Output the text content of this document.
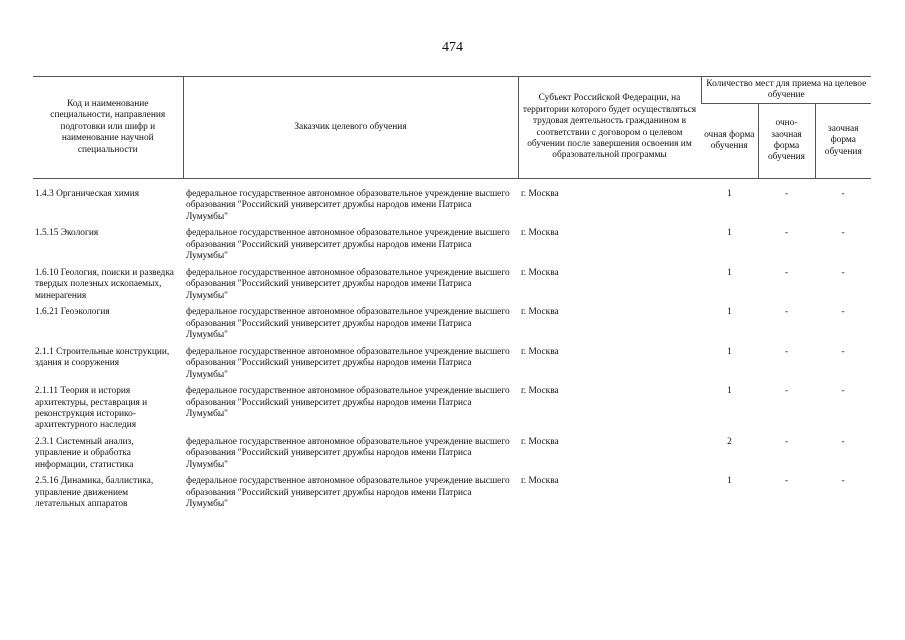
474
Код и наименование специальности, направления подготовки или шифр и наименование научной специальности	Заказчик целевого обучения	Субъект Российской Федерации, на территории которого будет осуществляться трудовая деятельность гражданином в соответствии с договором о целевом обучении после завершения освоения им образовательной программы	Количество мест для приема на целевое обучение		
			очная форма обучения	очно-заочная форма обучения	заочная форма обучения

1.4.3 Органическая химия	федеральное государственное автономное образовательное учреждение высшего образования "Российский университет дружбы народов имени Патриса Лумумбы"	г. Москва	1	-	-
1.5.15 Экология	федеральное государственное автономное образовательное учреждение высшего образования "Российский университет дружбы народов имени Патриса Лумумбы"	г. Москва	1	-	-
1.6.10 Геология, поиски и разведка твердых полезных ископаемых, минерагения	федеральное государственное автономное образовательное учреждение высшего образования "Российский университет дружбы народов имени Патриса Лумумбы"	г. Москва	1	-	-
1.6.21 Геоэкология	федеральное государственное автономное образовательное учреждение высшего образования "Российский университет дружбы народов имени Патриса Лумумбы"	г. Москва	1	-	-
2.1.1 Строительные конструкции, здания и сооружения	федеральное государственное автономное образовательное учреждение высшего образования "Российский университет дружбы народов имени Патриса Лумумбы"	г. Москва	1	-	-
2.1.11 Теория и история архитектуры, реставрация и реконструкция историко-архитектурного наследия	федеральное государственное автономное образовательное учреждение высшего образования "Российский университет дружбы народов имени Патриса Лумумбы"	г. Москва	1	-	-
2.3.1 Системный анализ, управление и обработка информации, статистика	федеральное государственное автономное образовательное учреждение высшего образования "Российский университет дружбы народов имени Патриса Лумумбы"	г. Москва	2	-	-
2.5.16 Динамика, баллистика, управление движением летательных аппаратов	федеральное государственное автономное образовательное учреждение высшего образования "Российский университет дружбы народов имени Патриса Лумумбы"	г. Москва	1	-	-
